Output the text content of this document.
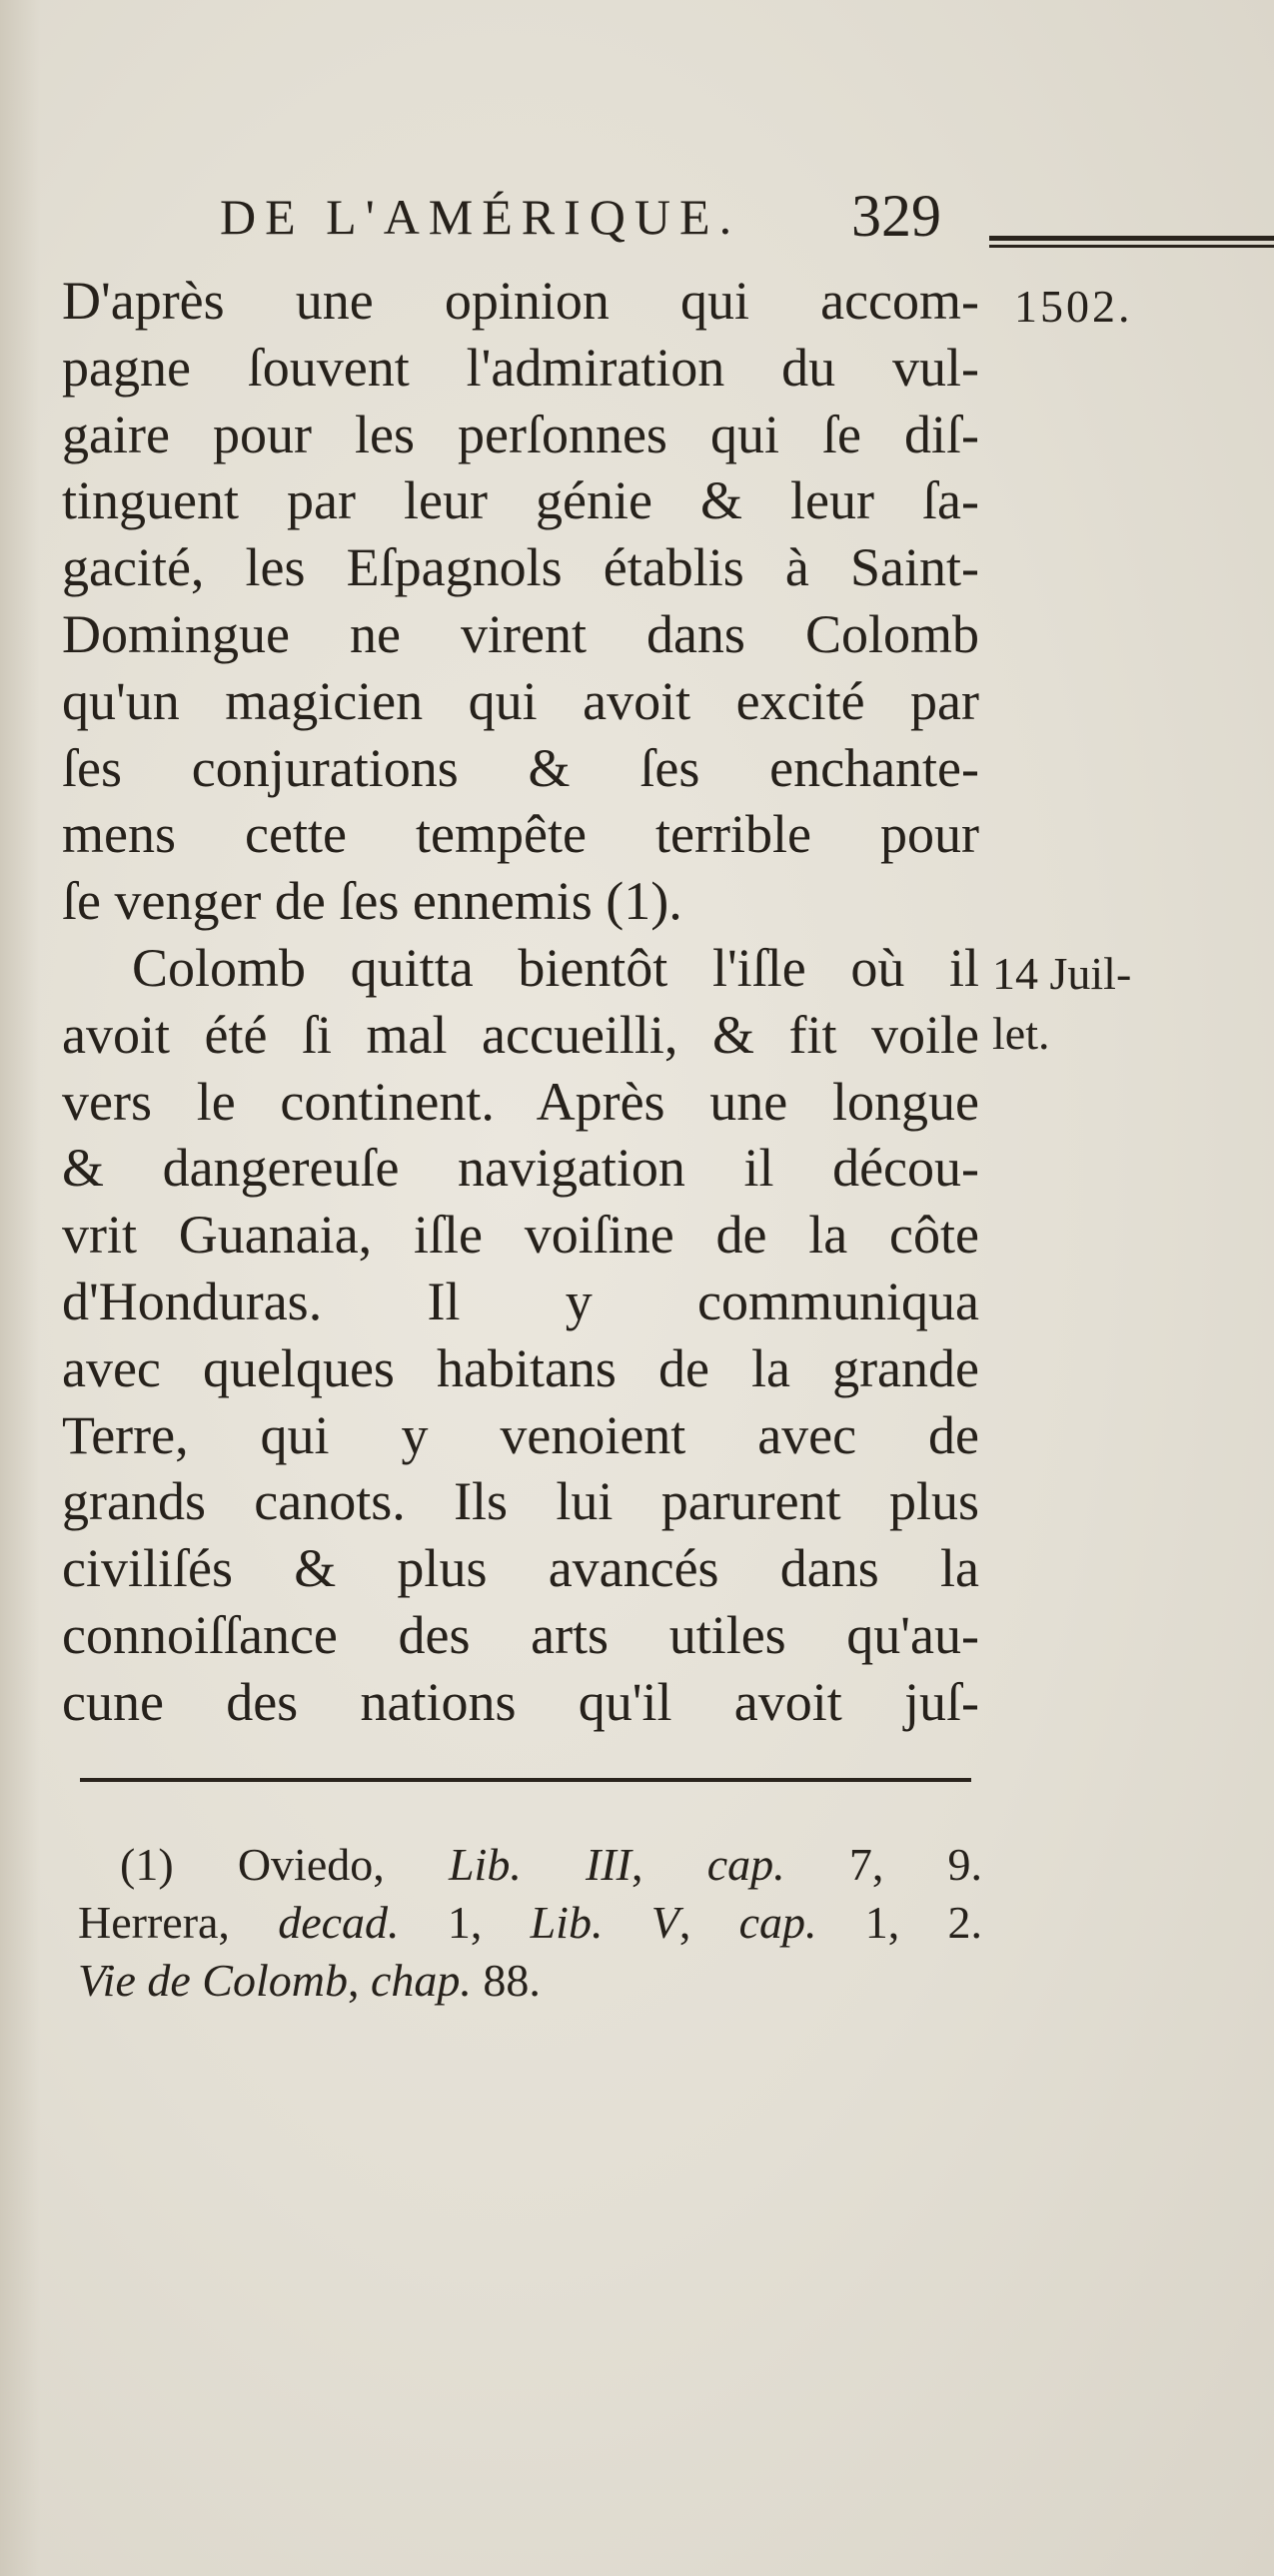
DE L'AMÉRIQUE. 329
1502.
14 Juil-
let.
D'après une opinion qui accom-
pagne ſouvent l'admiration du vul-
gaire pour les perſonnes qui ſe diſ-
tinguent par leur génie & leur ſa-
gacité, les Eſpagnols établis à Saint-
Domingue ne virent dans Colomb
qu'un magicien qui avoit excité par
ſes conjurations & ſes enchante-
mens cette tempête terrible pour
ſe venger de ſes ennemis (1).
Colomb quitta bientôt l'iſle où il
avoit été ſi mal accueilli, & fit voile
vers le continent. Après une longue
& dangereuſe navigation il décou-
vrit Guanaia, iſle voiſine de la côte
d'Honduras. Il y communiqua
avec quelques habitans de la grande
Terre, qui y venoient avec de
grands canots. Ils lui parurent plus
civiliſés & plus avancés dans la
connoiſſance des arts utiles qu'au-
cune des nations qu'il avoit juſ-
(1) Oviedo, Lib. III, cap. 7, 9.
Herrera, decad. 1, Lib. V, cap. 1, 2.
Vie de Colomb, chap. 88.
